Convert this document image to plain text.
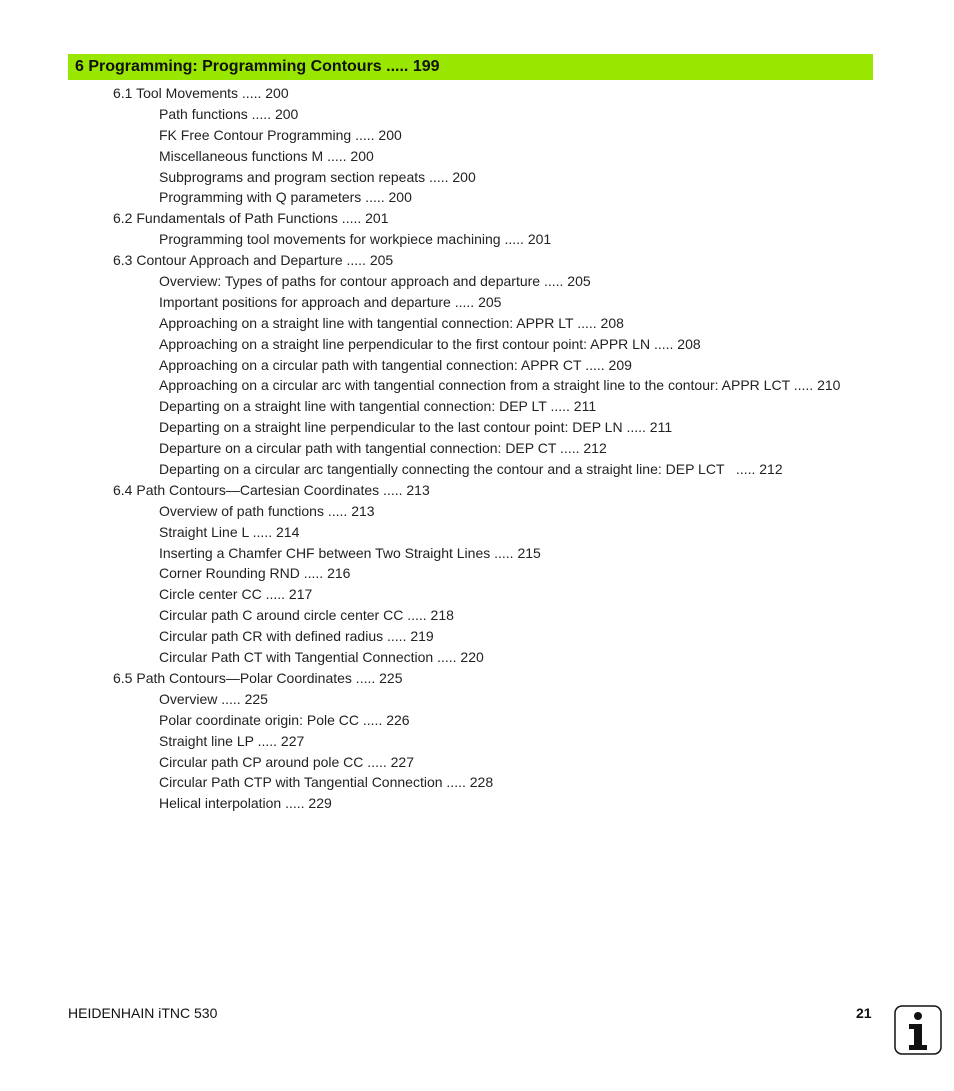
6 Programming: Programming Contours ..... 199
6.1 Tool Movements ..... 200
Path functions ..... 200
FK Free Contour Programming ..... 200
Miscellaneous functions M ..... 200
Subprograms and program section repeats ..... 200
Programming with Q parameters ..... 200
6.2 Fundamentals of Path Functions ..... 201
Programming tool movements for workpiece machining ..... 201
6.3 Contour Approach and Departure ..... 205
Overview: Types of paths for contour approach and departure ..... 205
Important positions for approach and departure ..... 205
Approaching on a straight line with tangential connection: APPR LT ..... 208
Approaching on a straight line perpendicular to the first contour point: APPR LN ..... 208
Approaching on a circular path with tangential connection: APPR CT ..... 209
Approaching on a circular arc with tangential connection from a straight line to the contour: APPR LCT ..... 210
Departing on a straight line with tangential connection: DEP LT ..... 211
Departing on a straight line perpendicular to the last contour point: DEP LN ..... 211
Departure on a circular path with tangential connection: DEP CT ..... 212
Departing on a circular arc tangentially connecting the contour and a straight line: DEP LCT   ..... 212
6.4 Path Contours—Cartesian Coordinates ..... 213
Overview of path functions ..... 213
Straight Line L ..... 214
Inserting a Chamfer CHF between Two Straight Lines ..... 215
Corner Rounding RND ..... 216
Circle center CC ..... 217
Circular path C around circle center CC ..... 218
Circular path CR with defined radius ..... 219
Circular Path CT with Tangential Connection ..... 220
6.5 Path Contours—Polar Coordinates ..... 225
Overview ..... 225
Polar coordinate origin: Pole CC ..... 226
Straight line LP ..... 227
Circular path CP around pole CC ..... 227
Circular Path CTP with Tangential Connection ..... 228
Helical interpolation ..... 229
HEIDENHAIN iTNC 530	21
